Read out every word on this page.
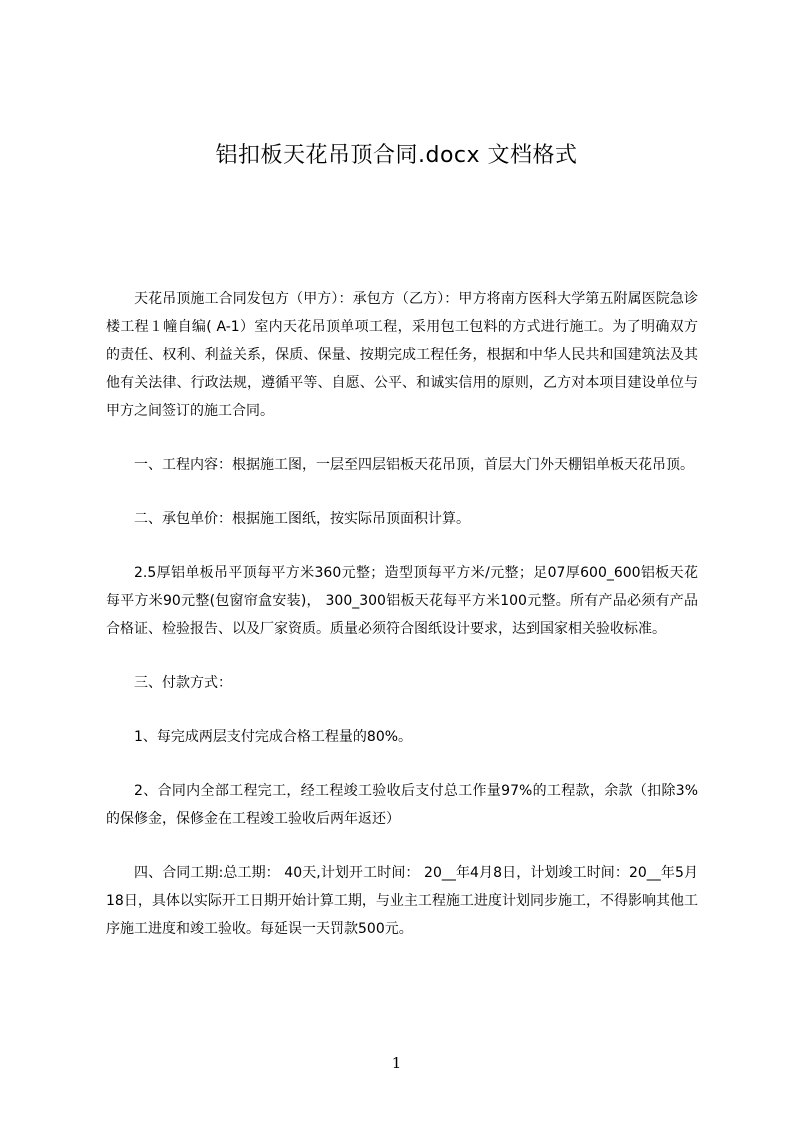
铝扣板天花吊顶合同.docx 文档格式

天花吊顶施工合同发包方（甲方）：承包方（乙方）：甲方将南方医科大学第五附属医院急诊楼工程１幢自编( A-1）室内天花吊顶单项工程，采用包工包料的方式进行施工。为了明确双方的责任、权利、利益关系，保质、保量、按期完成工程任务，根据和中华人民共和国建筑法及其他有关法律、行政法规，遵循平等、自愿、公平、和诚实信用的原则，乙方对本项目建设单位与甲方之间签订的施工合同。

一、工程内容：根据施工图，一层至四层铝板天花吊顶，首层大门外天棚铝单板天花吊顶。

二、承包单价：根据施工图纸，按实际吊顶面积计算。

2.5厚铝单板吊平顶每平方米360元整；造型顶每平方米/元整；足07厚600_600铝板天花每平方米90元整(包窗帘盒安装)， 300_300铝板天花每平方米100元整。所有产品必须有产品合格证、检验报告、以及厂家资质。质量必须符合图纸设计要求，达到国家相关验收标准。

三、付款方式：

1、每完成两层支付完成合格工程量的80%。

2、合同内全部工程完工，经工程竣工验收后支付总工作量97%的工程款，余款（扣除3%的保修金，保修金在工程竣工验收后两年返还）

四、合同工期:总工期： 40天,计划开工时间： 20__年4月8日，计划竣工时间：20__年5月18日，具体以实际开工日期开始计算工期，与业主工程施工进度计划同步施工，不得影响其他工序施工进度和竣工验收。每延误一天罚款500元。

1
